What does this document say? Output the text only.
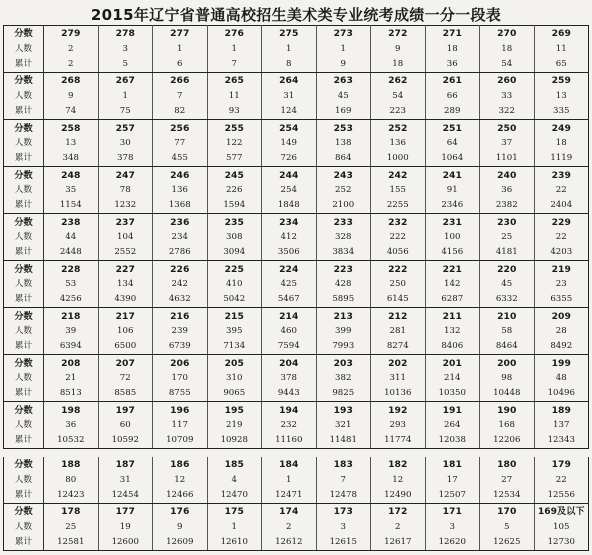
2015年辽宁省普通高校招生美术类专业统考成绩一分一段表
分数	279	278	277	276	275	273	272	271	270	269
人数	2	3	1	1	1	1	9	18	18	11
累计	2	5	6	7	8	9	18	36	54	65
分数	268	267	266	265	264	263	262	261	260	259
人数	9	1	7	11	31	45	54	66	33	13
累计	74	75	82	93	124	169	223	289	322	335
分数	258	257	256	255	254	253	252	251	250	249
人数	13	30	77	122	149	138	136	64	37	18
累计	348	378	455	577	726	864	1000	1064	1101	1119
分数	248	247	246	245	244	243	242	241	240	239
人数	35	78	136	226	254	252	155	91	36	22
累计	1154	1232	1368	1594	1848	2100	2255	2346	2382	2404
分数	238	237	236	235	234	233	232	231	230	229
人数	44	104	234	308	412	328	222	100	25	22
累计	2448	2552	2786	3094	3506	3834	4056	4156	4181	4203
分数	228	227	226	225	224	223	222	221	220	219
人数	53	134	242	410	425	428	250	142	45	23
累计	4256	4390	4632	5042	5467	5895	6145	6287	6332	6355
分数	218	217	216	215	214	213	212	211	210	209
人数	39	106	239	395	460	399	281	132	58	28
累计	6394	6500	6739	7134	7594	7993	8274	8406	8464	8492
分数	208	207	206	205	204	203	202	201	200	199
人数	21	72	170	310	378	382	311	214	98	48
累计	8513	8585	8755	9065	9443	9825	10136	10350	10448	10496
分数	198	197	196	195	194	193	192	191	190	189
人数	36	60	117	219	232	321	293	264	168	137
累计	10532	10592	10709	10928	11160	11481	11774	12038	12206	12343

分数	188	187	186	185	184	183	182	181	180	179
人数	80	31	12	4	1	7	12	17	27	22
累计	12423	12454	12466	12470	12471	12478	12490	12507	12534	12556
分数	178	177	176	175	174	173	172	171	170	169及以下
人数	25	19	9	1	2	3	2	3	5	105
累计	12581	12600	12609	12610	12612	12615	12617	12620	12625	12730
